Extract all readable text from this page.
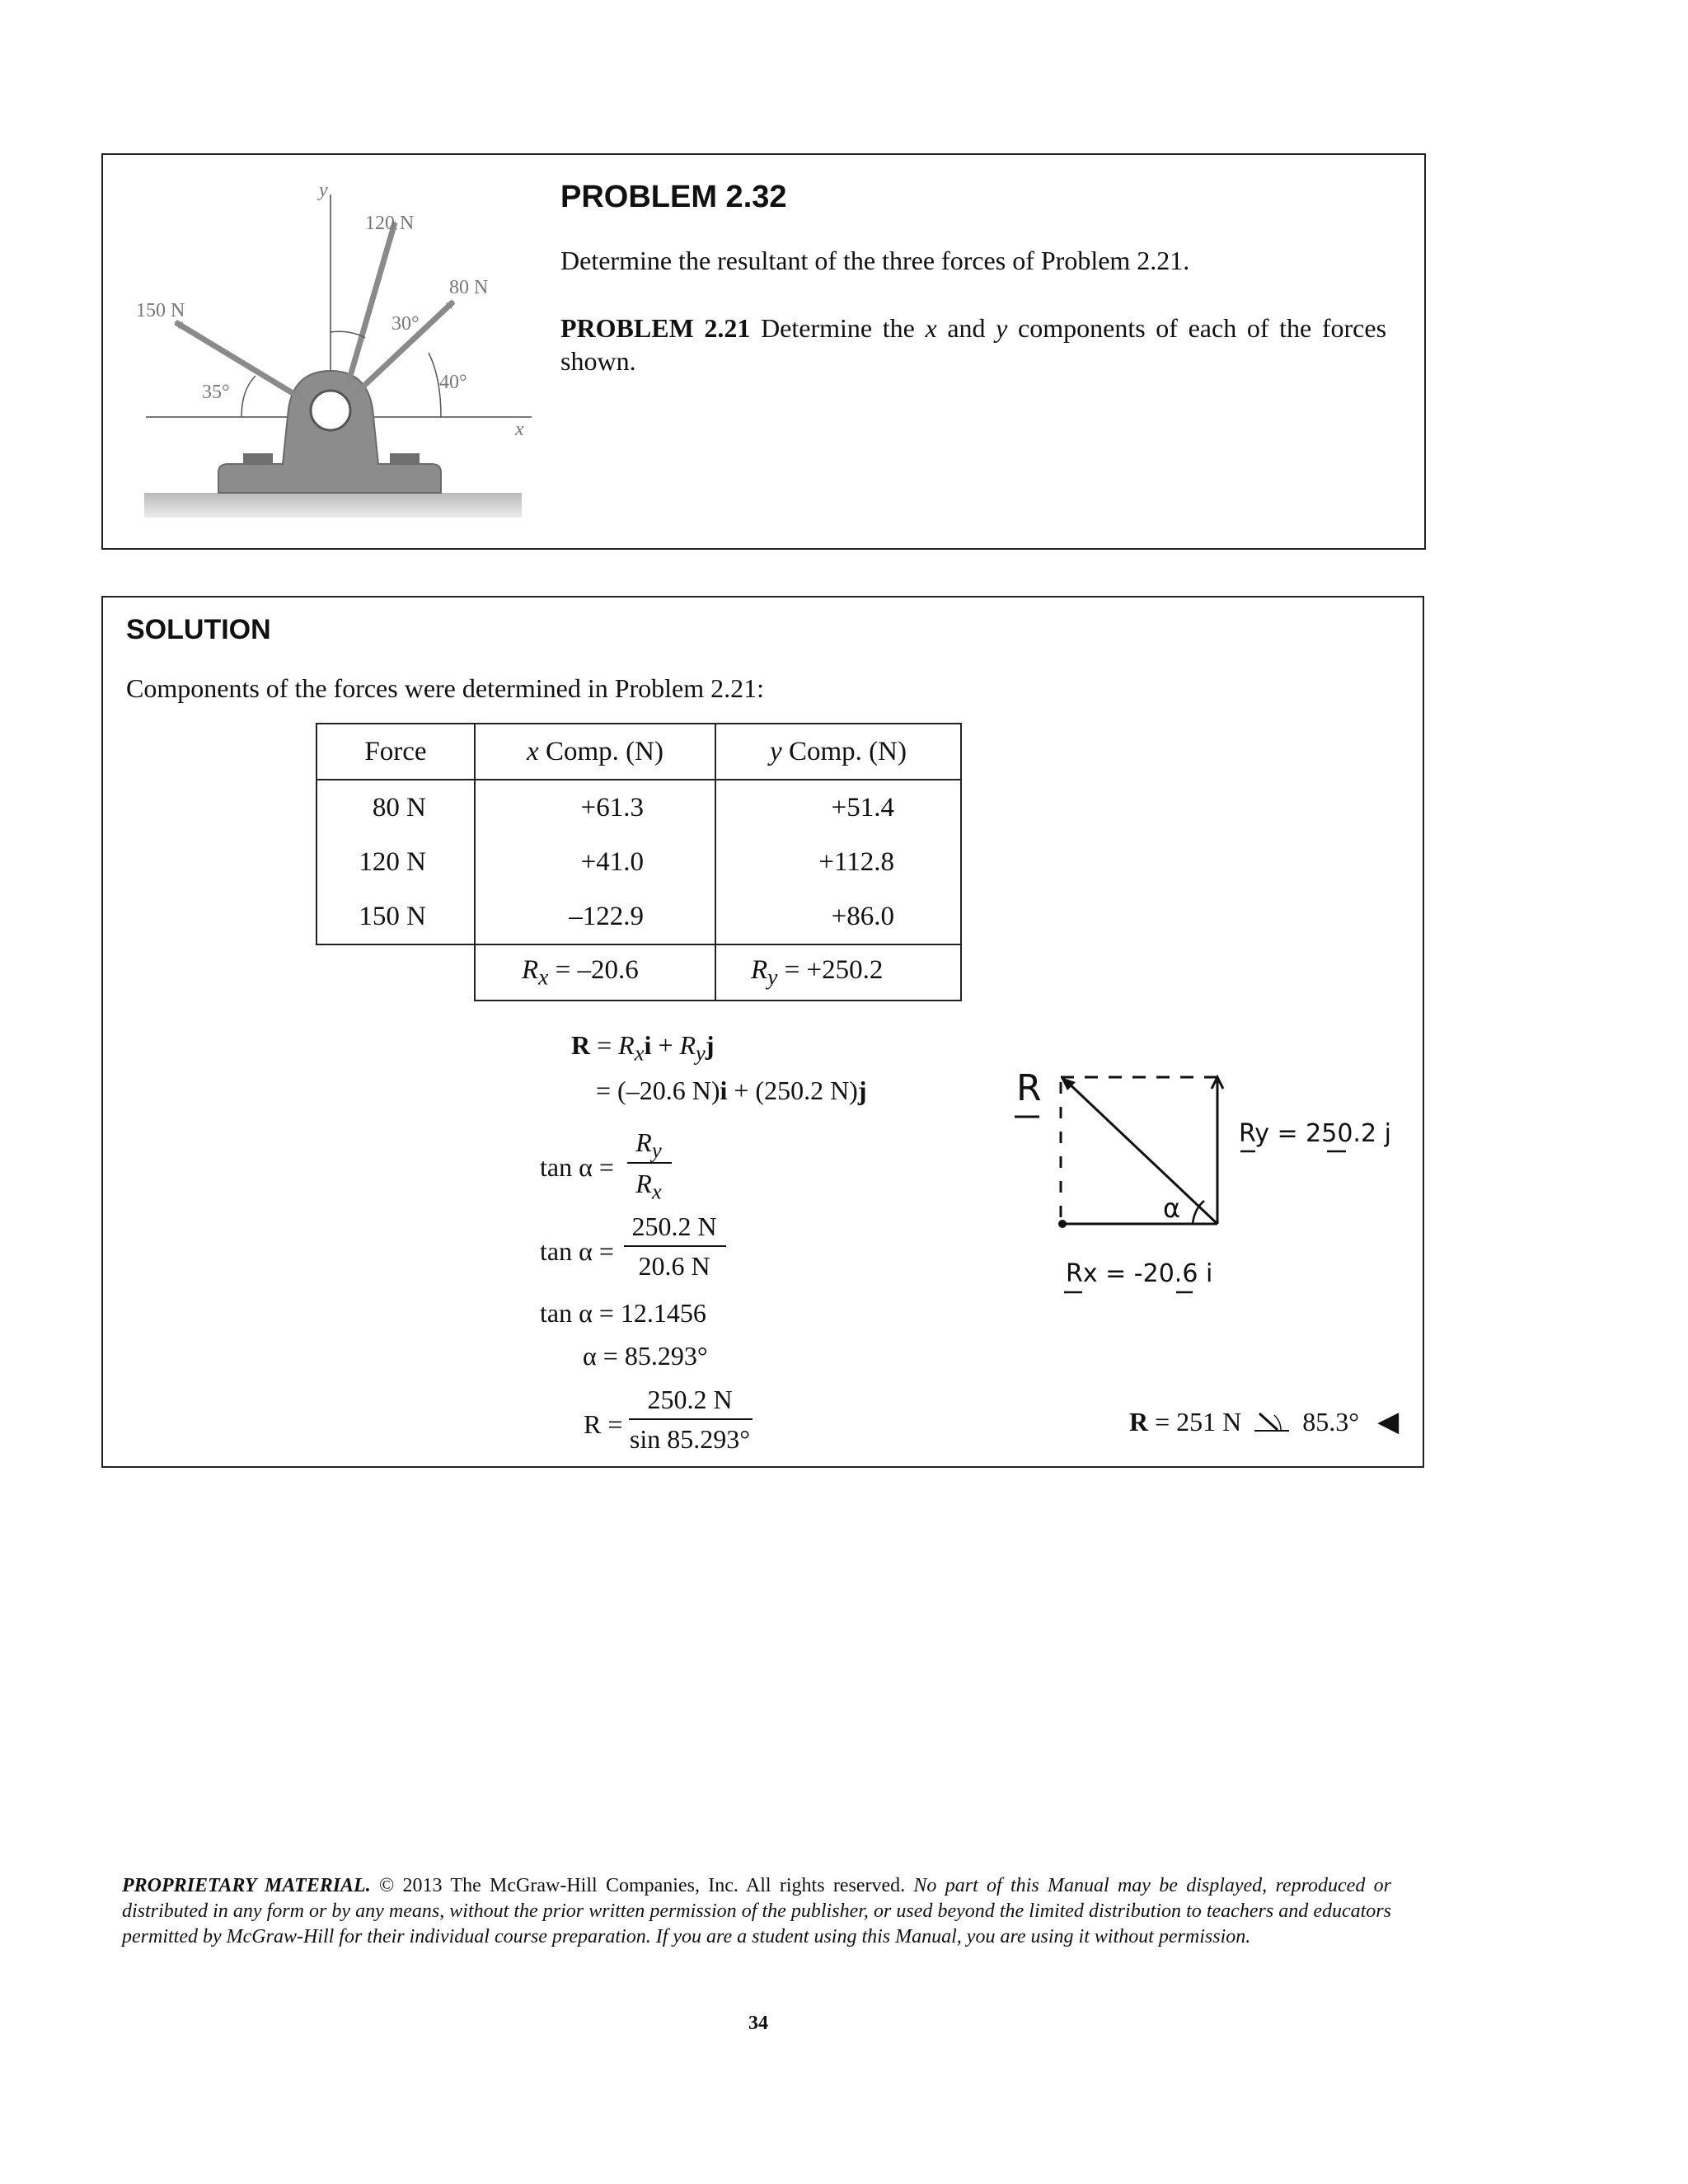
y
x
120 N
80 N
150 N
30°
40°
35°
PROBLEM 2.32
Determine the resultant of the three forces of Problem 2.21.
PROBLEM 2.21 Determine the x and y components of each of the forces shown.
SOLUTION
Components of the forces were determined in Problem 2.21:
Force	x Comp. (N)	y Comp. (N)
80 N	+61.3	+51.4
120 N	+41.0	+112.8
150 N	–122.9	+86.0
	$R_x = -20.6$	$R_y = +250.2$
$R = R_xi + R_yj$
= (–20.6 N)i + (250.2 N)j
tan α =
$R_y$
$R_x$
tan α =
250.2 N
20.6 N
tan α = 12.1456
α = 85.293°
R =
250.2 N
sin 85.293°
α
R
Ry = 250.2 j
Rx = -20.6 i
R = 251 N 85.3° ◀
PROPRIETARY MATERIAL. © 2013 The McGraw-Hill Companies, Inc. All rights reserved. No part of this Manual may be displayed, reproduced or distributed in any form or by any means, without the prior written permission of the publisher, or used beyond the limited distribution to teachers and educators permitted by McGraw-Hill for their individual course preparation. If you are a student using this Manual, you are using it without permission.
34
